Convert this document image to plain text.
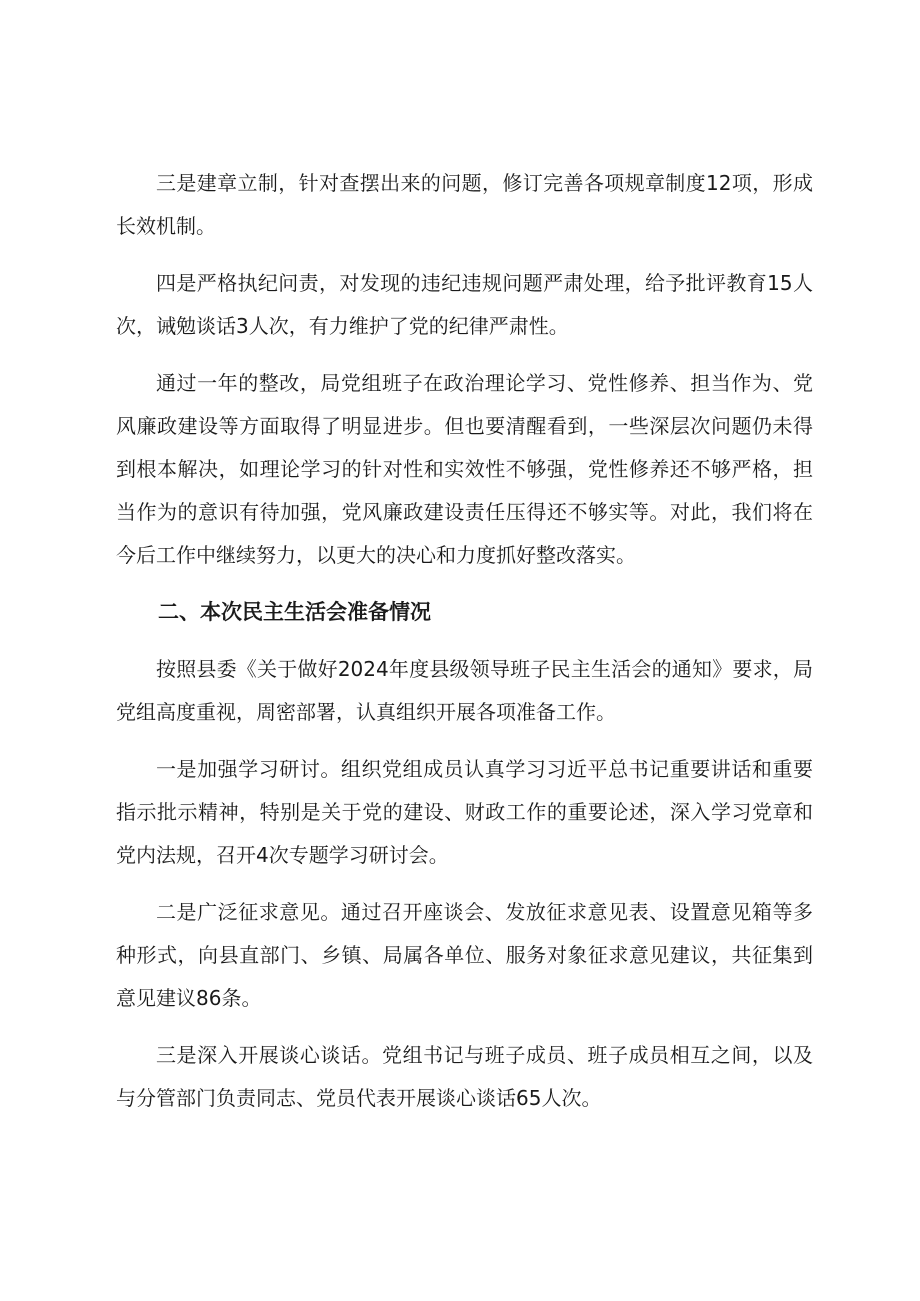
三是建章立制，针对查摆出来的问题，修订完善各项规章制度12项，形成长效机制。

四是严格执纪问责，对发现的违纪违规问题严肃处理，给予批评教育15人次，诫勉谈话3人次，有力维护了党的纪律严肃性。

通过一年的整改，局党组班子在政治理论学习、党性修养、担当作为、党风廉政建设等方面取得了明显进步。但也要清醒看到，一些深层次问题仍未得到根本解决，如理论学习的针对性和实效性不够强，党性修养还不够严格，担当作为的意识有待加强，党风廉政建设责任压得还不够实等。对此，我们将在今后工作中继续努力，以更大的决心和力度抓好整改落实。

二、本次民主生活会准备情况

按照县委《关于做好2024年度县级领导班子民主生活会的通知》要求，局党组高度重视，周密部署，认真组织开展各项准备工作。

一是加强学习研讨。组织党组成员认真学习习近平总书记重要讲话和重要指示批示精神，特别是关于党的建设、财政工作的重要论述，深入学习党章和党内法规，召开4次专题学习研讨会。

二是广泛征求意见。通过召开座谈会、发放征求意见表、设置意见箱等多种形式，向县直部门、乡镇、局属各单位、服务对象征求意见建议，共征集到意见建议86条。

三是深入开展谈心谈话。党组书记与班子成员、班子成员相互之间，以及与分管部门负责同志、党员代表开展谈心谈话65人次。
